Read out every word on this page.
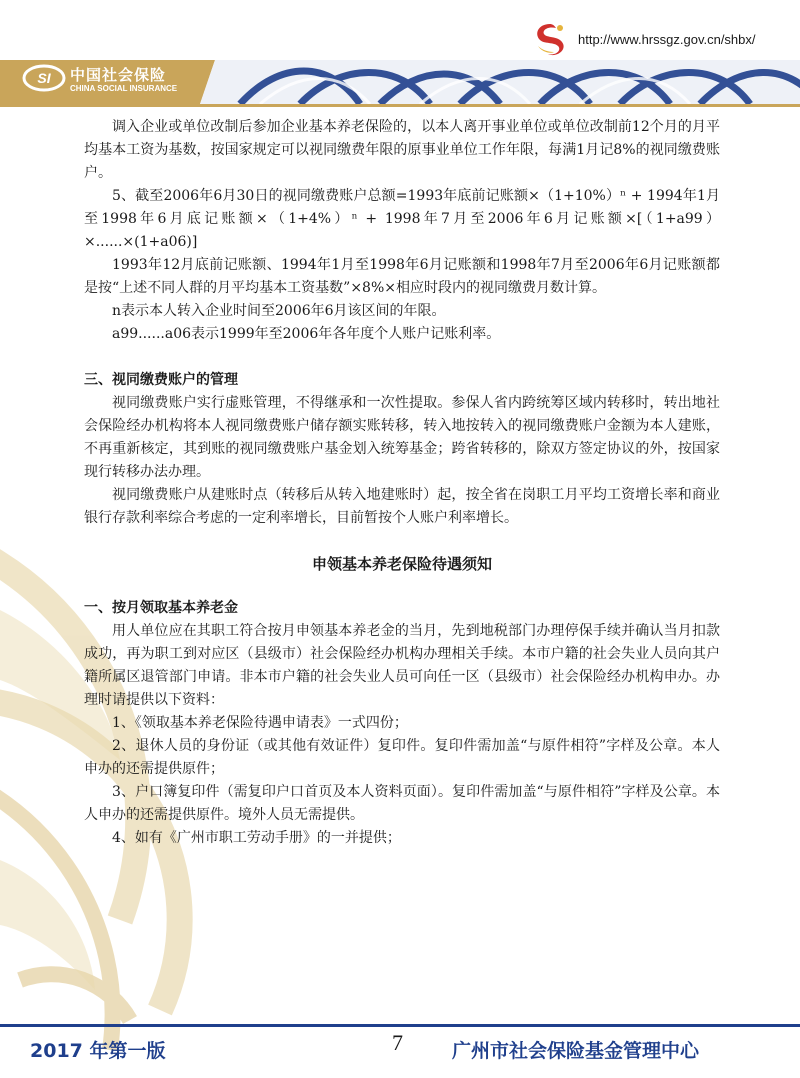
http://www.hrssgz.gov.cn/shbx/
SI 中国社会保险
CHINA SOCIAL INSURANCE

调入企业或单位改制后参加企业基本养老保险的，以本人离开事业单位或单位改制前12个月的月平均基本工资为基数，按国家规定可以视同缴费年限的原事业单位工作年限，每满1月记8%的视同缴费账户。

5、截至2006年6月30日的视同缴费账户总额=1993年底前记账额×（1+10%）ⁿ + 1994年1月至1998年6月底记账额×（1+4%）ⁿ + 1998年7月至2006年6月记账额×[（1+a99）×......×(1+a06)]

1993年12月底前记账额、1994年1月至1998年6月记账额和1998年7月至2006年6月记账额都是按“上述不同人群的月平均基本工资基数”×8%×相应时段内的视同缴费月数计算。

n表示本人转入企业时间至2006年6月该区间的年限。

a99......a06表示1999年至2006年各年度个人账户记账利率。

三、视同缴费账户的管理

视同缴费账户实行虚账管理，不得继承和一次性提取。参保人省内跨统筹区域内转移时，转出地社会保险经办机构将本人视同缴费账户储存额实账转移，转入地按转入的视同缴费账户金额为本人建账，不再重新核定，其到账的视同缴费账户基金划入统筹基金；跨省转移的，除双方签定协议的外，按国家现行转移办法办理。

视同缴费账户从建账时点（转移后从转入地建账时）起，按全省在岗职工月平均工资增长率和商业银行存款利率综合考虑的一定利率增长，目前暂按个人账户利率增长。

申领基本养老保险待遇须知

一、按月领取基本养老金

用人单位应在其职工符合按月申领基本养老金的当月，先到地税部门办理停保手续并确认当月扣款成功，再为职工到对应区（县级市）社会保险经办机构办理相关手续。本市户籍的社会失业人员向其户籍所属区退管部门申请。非本市户籍的社会失业人员可向任一区（县级市）社会保险经办机构申办。办理时请提供以下资料：

1、《领取基本养老保险待遇申请表》一式四份；

2、退休人员的身份证（或其他有效证件）复印件。复印件需加盖“与原件相符”字样及公章。本人申办的还需提供原件；

3、户口簿复印件（需复印户口首页及本人资料页面）。复印件需加盖“与原件相符”字样及公章。本人申办的还需提供原件。境外人员无需提供。

4、如有《广州市职工劳动手册》的一并提供；

2017 年第一版	7	广州市社会保险基金管理中心
